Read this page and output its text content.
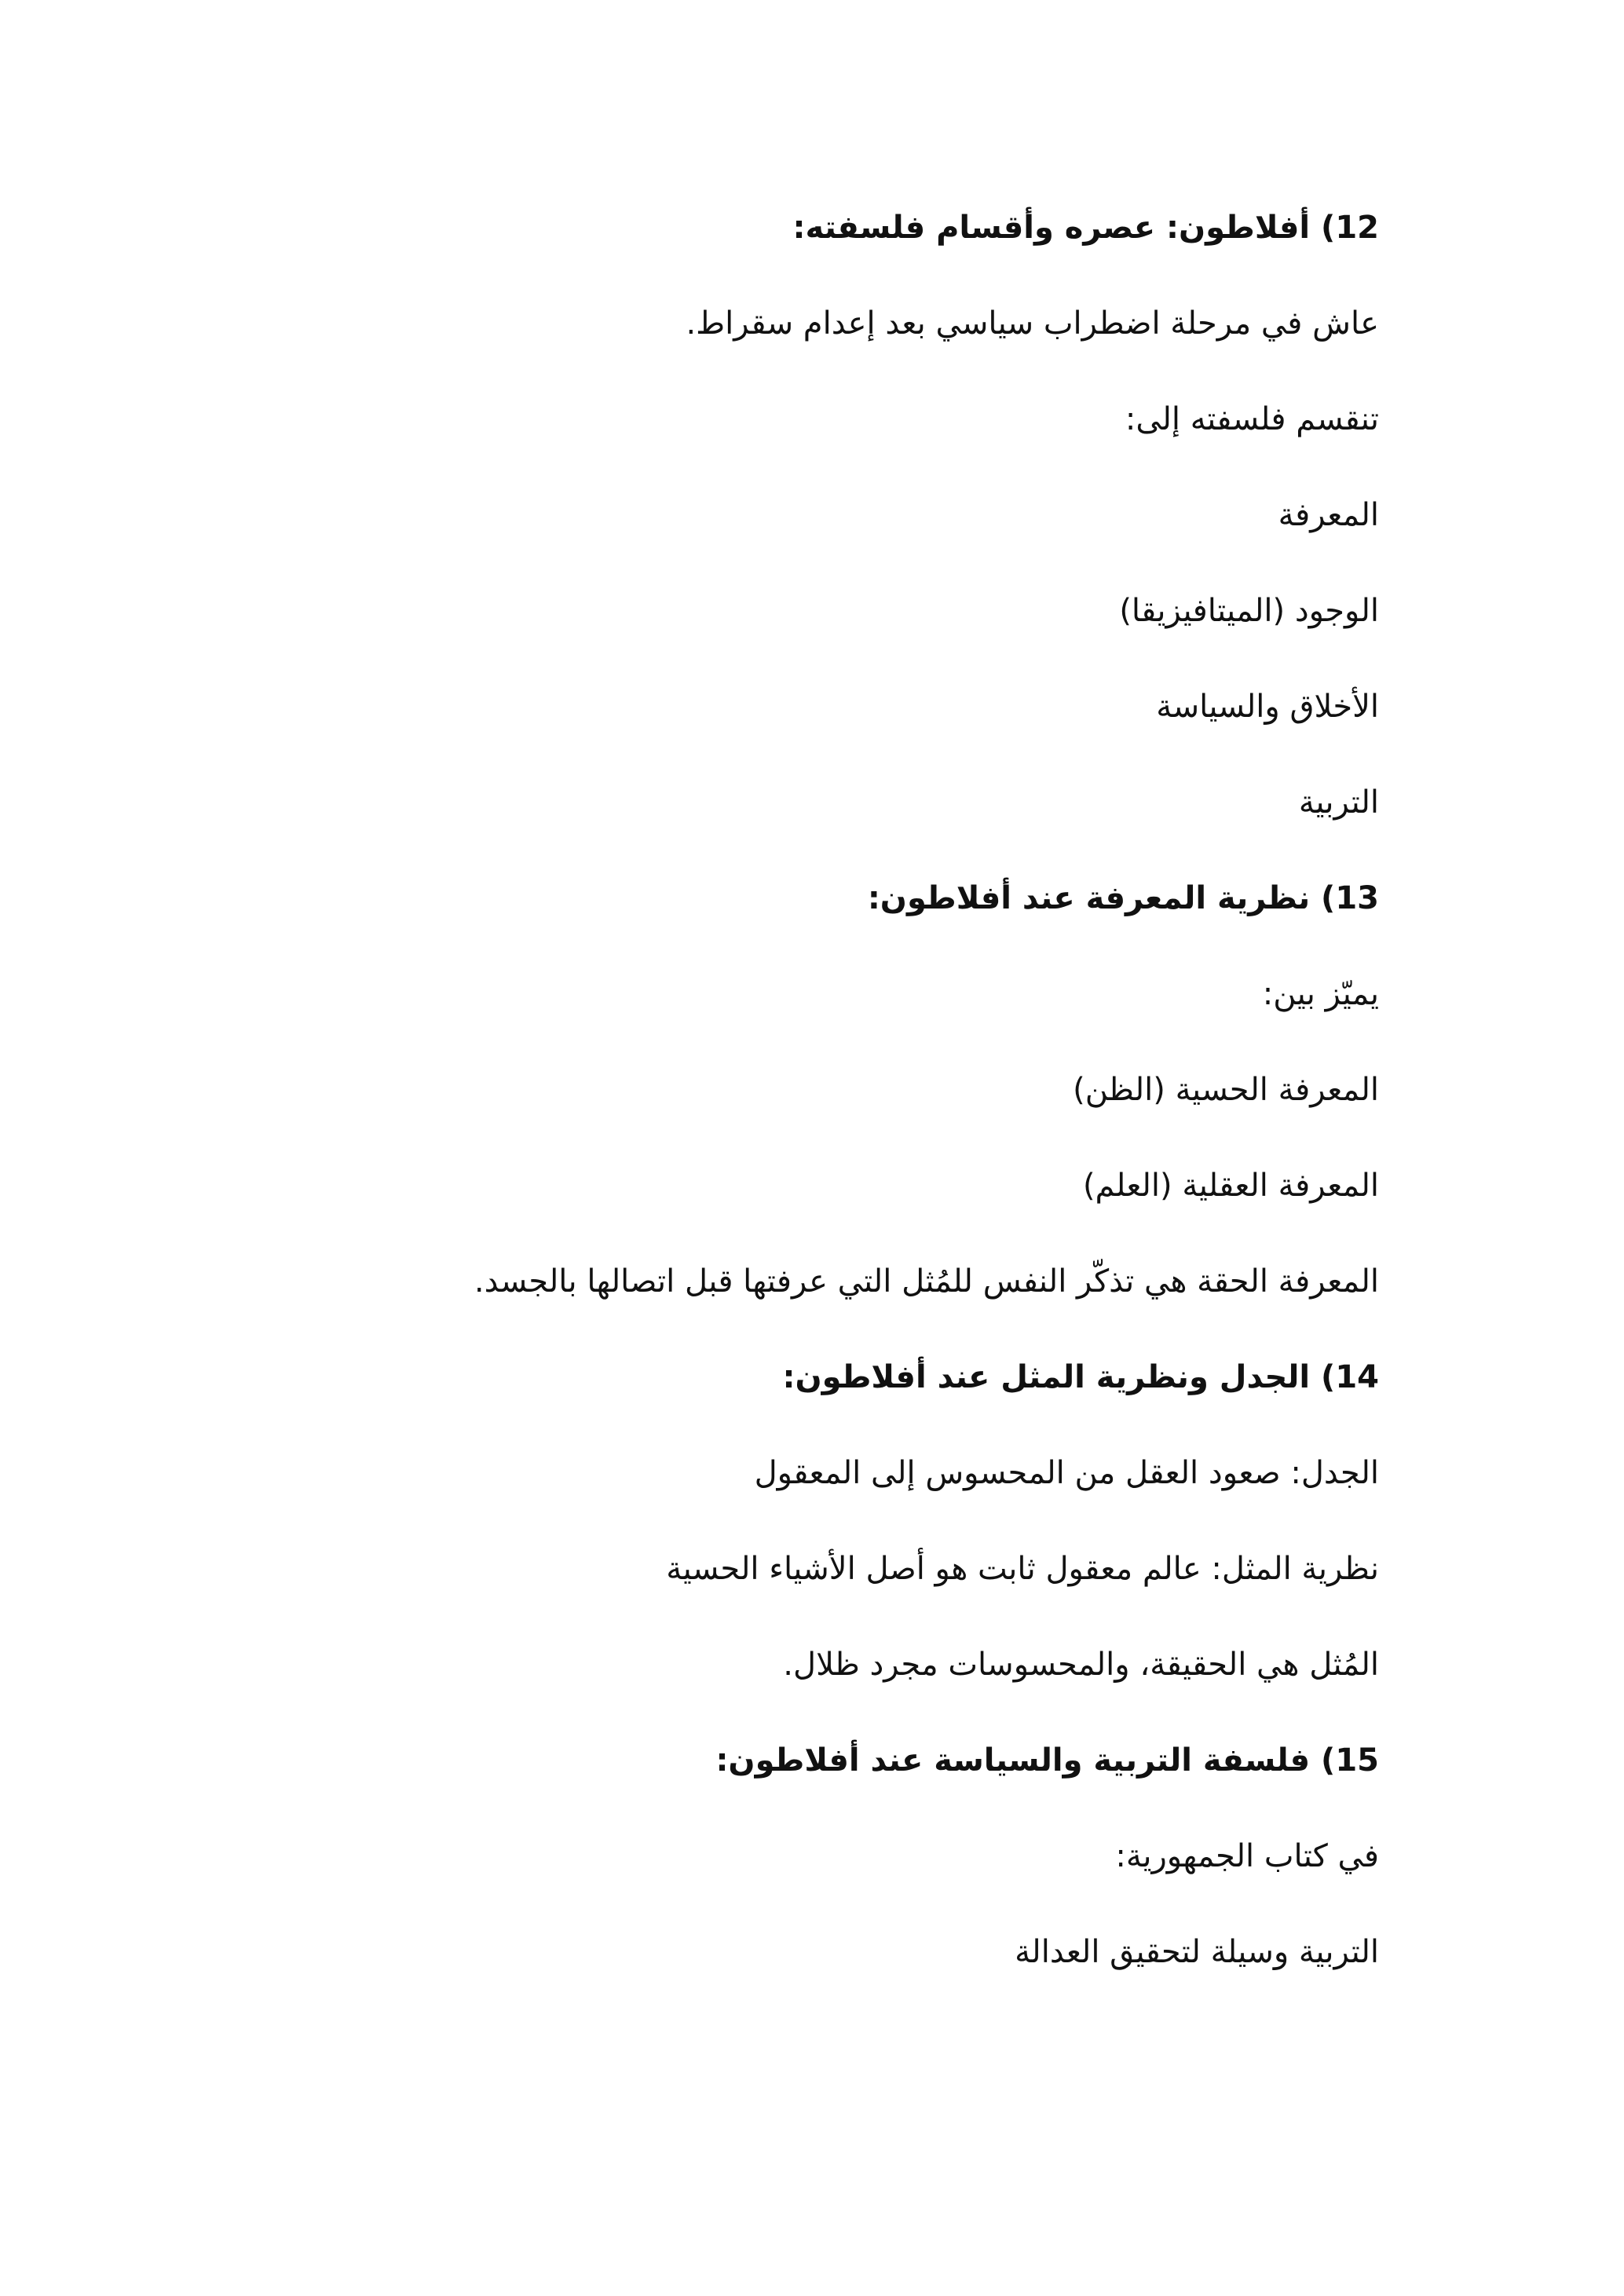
12) أفلاطون: عصره وأقسام فلسفته:
عاش في مرحلة اضطراب سياسي بعد إعدام سقراط.
تنقسم فلسفته إلى:
المعرفة
الوجود (الميتافيزيقا)
الأخلاق والسياسة
التربية
13) نظرية المعرفة عند أفلاطون:
يميّز بين:
المعرفة الحسية (الظن)
المعرفة العقلية (العلم)
المعرفة الحقة هي تذكّر النفس للمُثل التي عرفتها قبل اتصالها بالجسد.
14) الجدل ونظرية المثل عند أفلاطون:
الجدل: صعود العقل من المحسوس إلى المعقول
نظرية المثل: عالم معقول ثابت هو أصل الأشياء الحسية
المُثل هي الحقيقة، والمحسوسات مجرد ظلال.
15) فلسفة التربية والسياسة عند أفلاطون:
في كتاب الجمهورية:
التربية وسيلة لتحقيق العدالة
